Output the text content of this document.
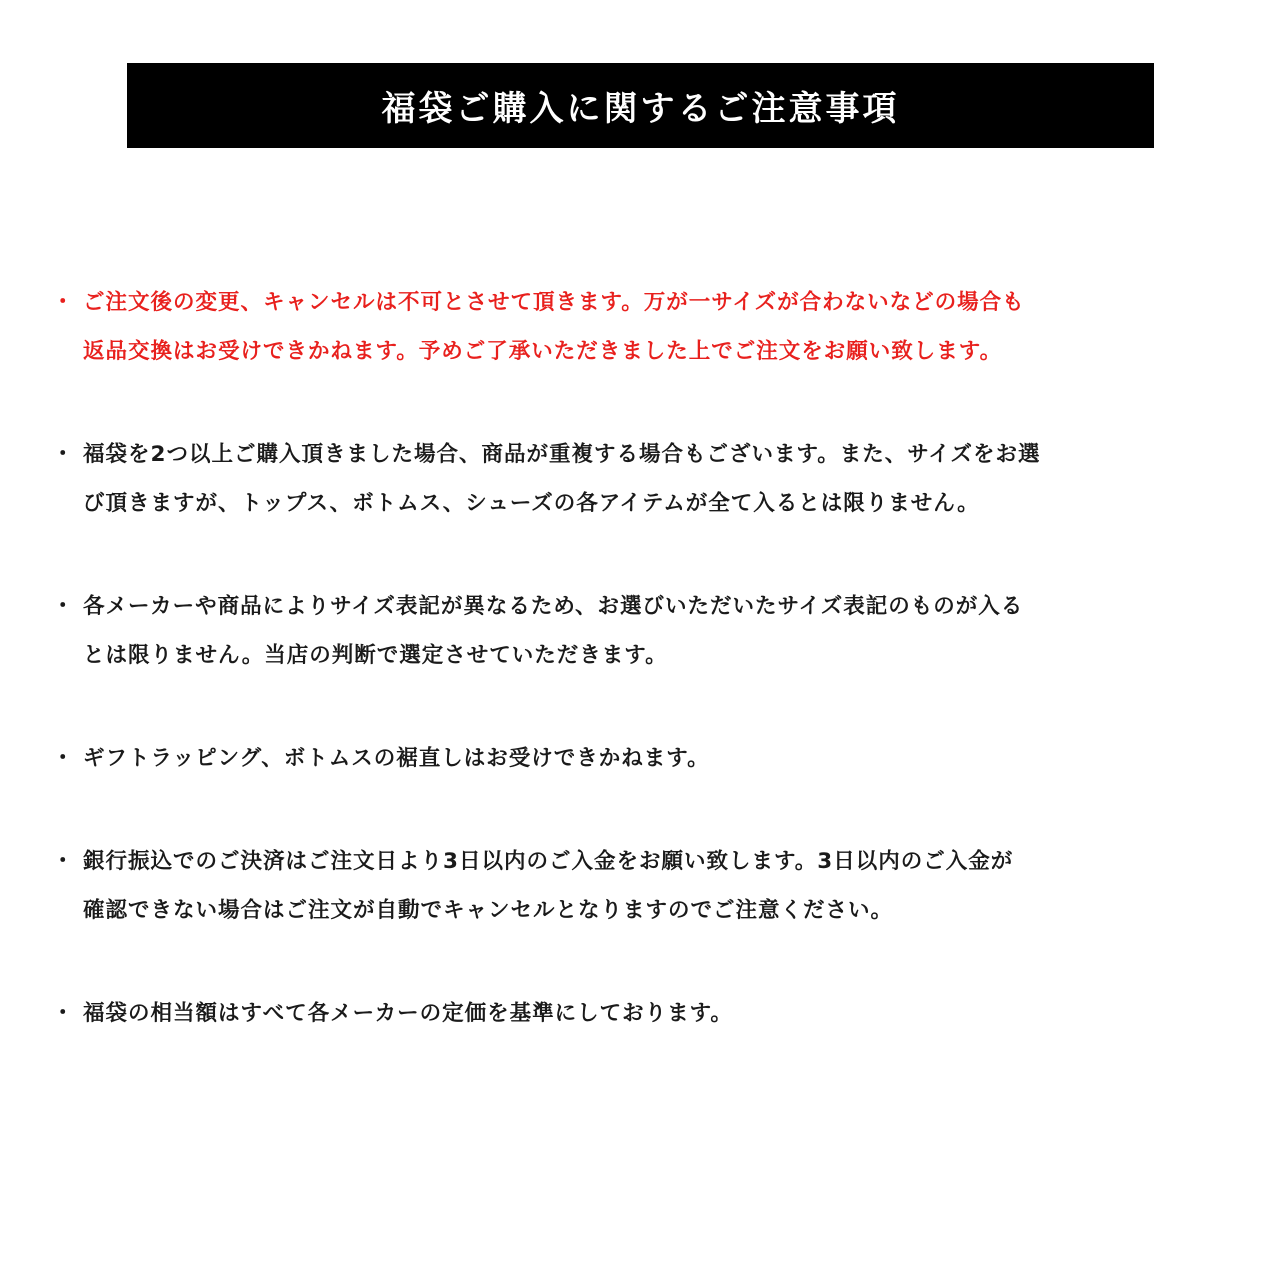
福袋ご購入に関するご注意事項
・ ご注文後の変更、キャンセルは不可とさせて頂きます。万が一サイズが合わないなどの場合も
返品交換はお受けできかねます。予めご了承いただきました上でご注文をお願い致します。
・ 福袋を2つ以上ご購入頂きました場合、商品が重複する場合もございます。また、サイズをお選
び頂きますが、トップス、ボトムス、シューズの各アイテムが全て入るとは限りません。
・ 各メーカーや商品によりサイズ表記が異なるため、お選びいただいたサイズ表記のものが入る
とは限りません。当店の判断で選定させていただきます。
・ ギフトラッピング、ボトムスの裾直しはお受けできかねます。
・ 銀行振込でのご決済はご注文日より3日以内のご入金をお願い致します。3日以内のご入金が
確認できない場合はご注文が自動でキャンセルとなりますのでご注意ください。
・ 福袋の相当額はすべて各メーカーの定価を基準にしております。
